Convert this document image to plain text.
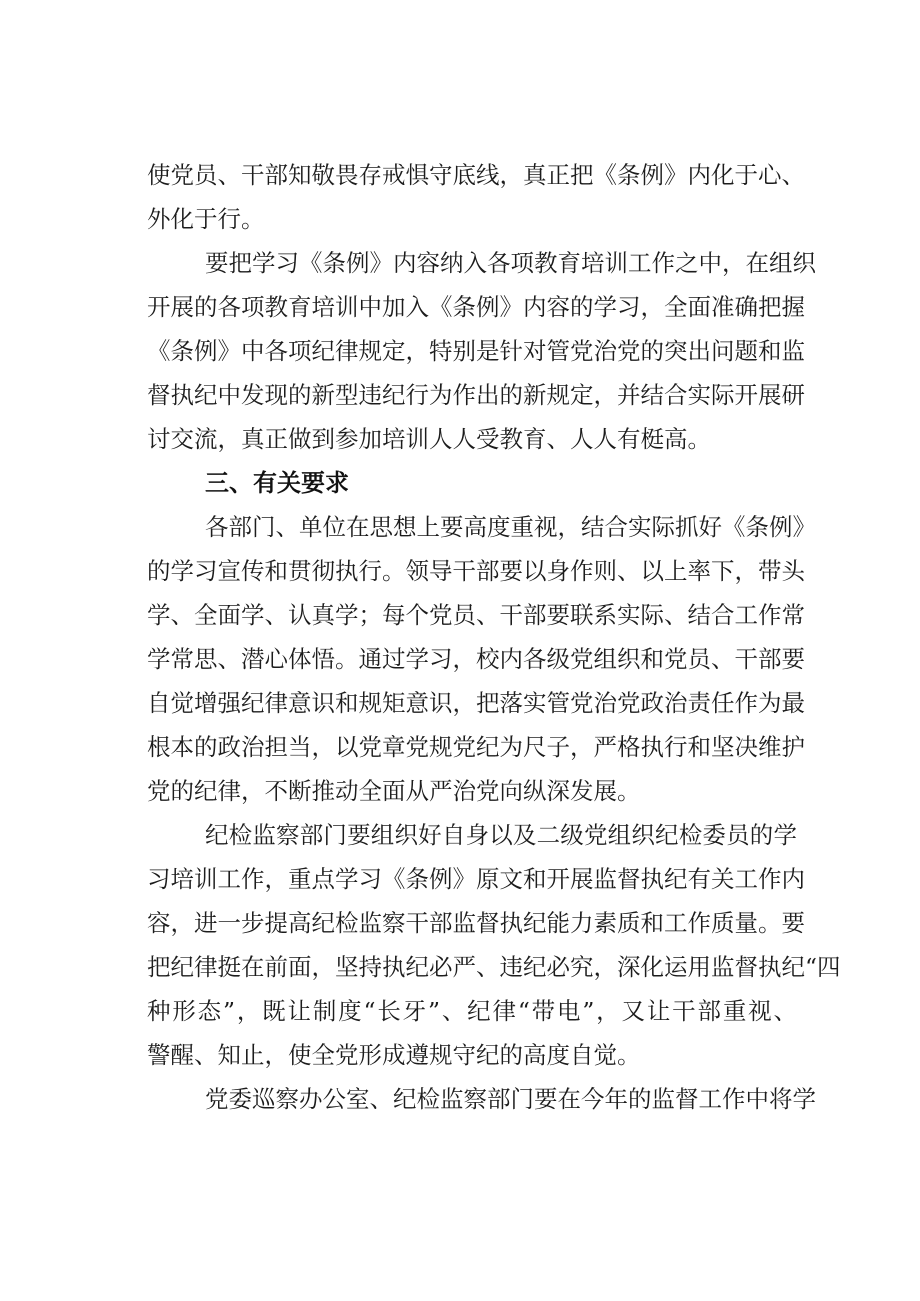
使党员、干部知敬畏存戒惧守底线，真正把《条例》内化于心、
外化于行。
要把学习《条例》内容纳入各项教育培训工作之中，在组织
开展的各项教育培训中加入《条例》内容的学习，全面准确把握
《条例》中各项纪律规定，特别是针对管党治党的突出问题和监
督执纪中发现的新型违纪行为作出的新规定，并结合实际开展研
讨交流，真正做到参加培训人人受教育、人人有梃高。
三、有关要求
各部门、单位在思想上要高度重视，结合实际抓好《条例》
的学习宣传和贯彻执行。领导干部要以身作则、以上率下，带头
学、全面学、认真学；每个党员、干部要联系实际、结合工作常
学常思、潜心体悟。通过学习，校内各级党组织和党员、干部要
自觉增强纪律意识和规矩意识，把落实管党治党政治责任作为最
根本的政治担当，以党章党规党纪为尺子，严格执行和坚决维护
党的纪律，不断推动全面从严治党向纵深发展。
纪检监察部门要组织好自身以及二级党组织纪检委员的学
习培训工作，重点学习《条例》原文和开展监督执纪有关工作内
容，进一步提高纪检监察干部监督执纪能力素质和工作质量。要
把纪律挺在前面，坚持执纪必严、违纪必究，深化运用监督执纪“四
种形态”，既让制度“长牙”、纪律“带电”，又让干部重视、
警醒、知止，使全党形成遵规守纪的高度自觉。
党委巡察办公室、纪检监察部门要在今年的监督工作中将学
